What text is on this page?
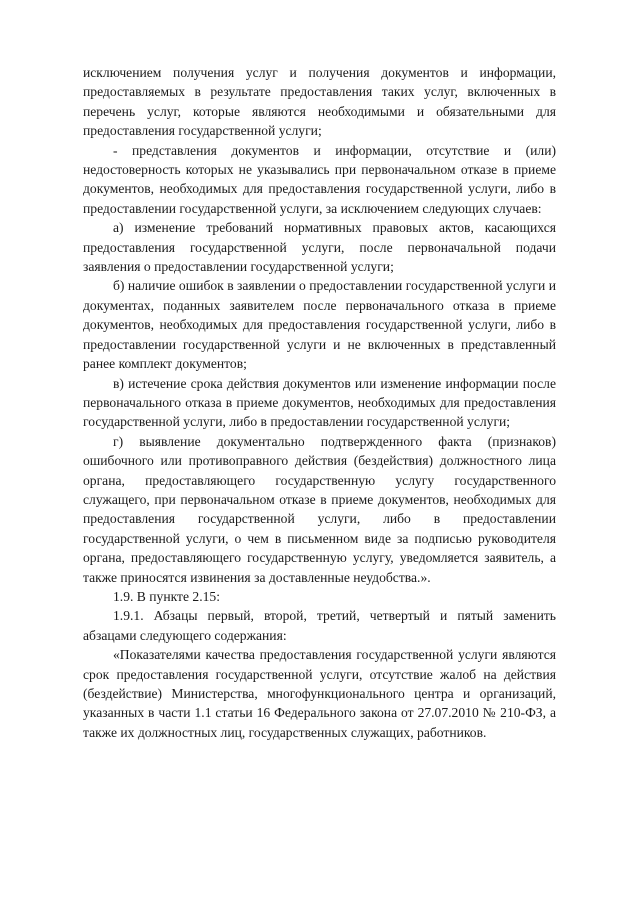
исключением получения услуг и получения документов и информации, предоставляемых в результате предоставления таких услуг, включенных в перечень услуг, которые являются необходимыми и обязательными для предоставления государственной услуги;

- представления документов и информации, отсутствие и (или) недостоверность которых не указывались при первоначальном отказе в приеме документов, необходимых для предоставления государственной услуги, либо в предоставлении государственной услуги, за исключением следующих случаев:

а) изменение требований нормативных правовых актов, касающихся предоставления государственной услуги, после первоначальной подачи заявления о предоставлении государственной услуги;

б) наличие ошибок в заявлении о предоставлении государственной услуги и документах, поданных заявителем после первоначального отказа в приеме документов, необходимых для предоставления государственной услуги, либо в предоставлении государственной услуги и не включенных в представленный ранее комплект документов;

в) истечение срока действия документов или изменение информации после первоначального отказа в приеме документов, необходимых для предоставления государственной услуги, либо в предоставлении государственной услуги;

г) выявление документально подтвержденного факта (признаков) ошибочного или противоправного действия (бездействия) должностного лица органа, предоставляющего государственную услугу государственного служащего, при первоначальном отказе в приеме документов, необходимых для предоставления государственной услуги, либо в предоставлении государственной услуги, о чем в письменном виде за подписью руководителя органа, предоставляющего государственную услугу, уведомляется заявитель, а также приносятся извинения за доставленные неудобства.».

1.9. В пункте 2.15:

1.9.1. Абзацы первый, второй, третий, четвертый и пятый заменить абзацами следующего содержания:

«Показателями качества предоставления государственной услуги являются срок предоставления государственной услуги, отсутствие жалоб на действия (бездействие) Министерства, многофункционального центра и организаций, указанных в части 1.1 статьи 16 Федерального закона от 27.07.2010 № 210-ФЗ, а также их должностных лиц, государственных служащих, работников.
